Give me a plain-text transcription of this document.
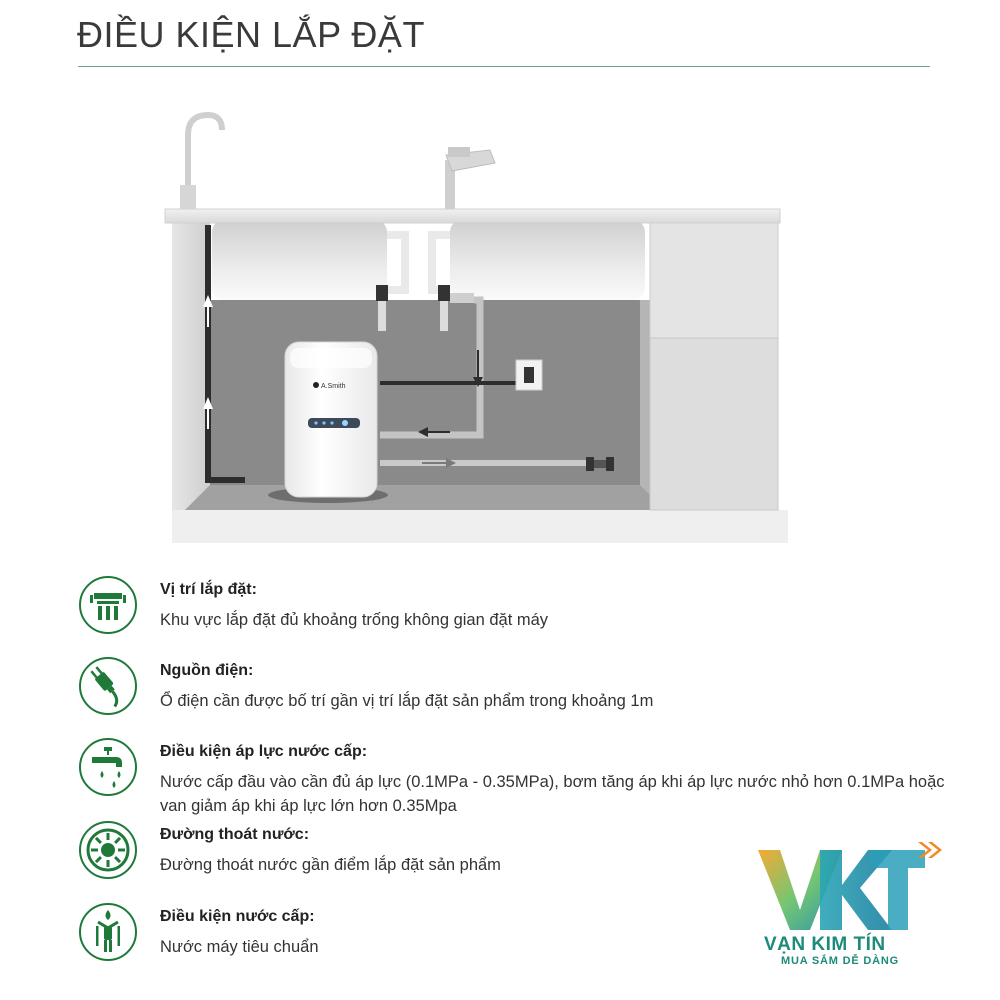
ĐIỀU KIỆN LẮP ĐẶT
A.Smith
Vị trí lắp đặt:
Khu vực lắp đặt đủ khoảng trống không gian đặt máy
Nguồn điện:
Ổ điện cần được bố trí gần vị trí lắp đặt sản phẩm trong khoảng 1m
Điều kiện áp lực nước cấp:
Nước cấp đầu vào cần đủ áp lực (0.1MPa - 0.35MPa), bơm tăng áp khi áp lực nước nhỏ hơn 0.1MPa hoặc van giảm áp khi áp lực lớn hơn 0.35Mpa
Đường thoát nước:
Đường thoát nước gần điểm lắp đặt sản phẩm
Điều kiện nước cấp:
Nước máy tiêu chuẩn	VẠN KIM TÍN
MUA SẮM DỄ DÀNG
